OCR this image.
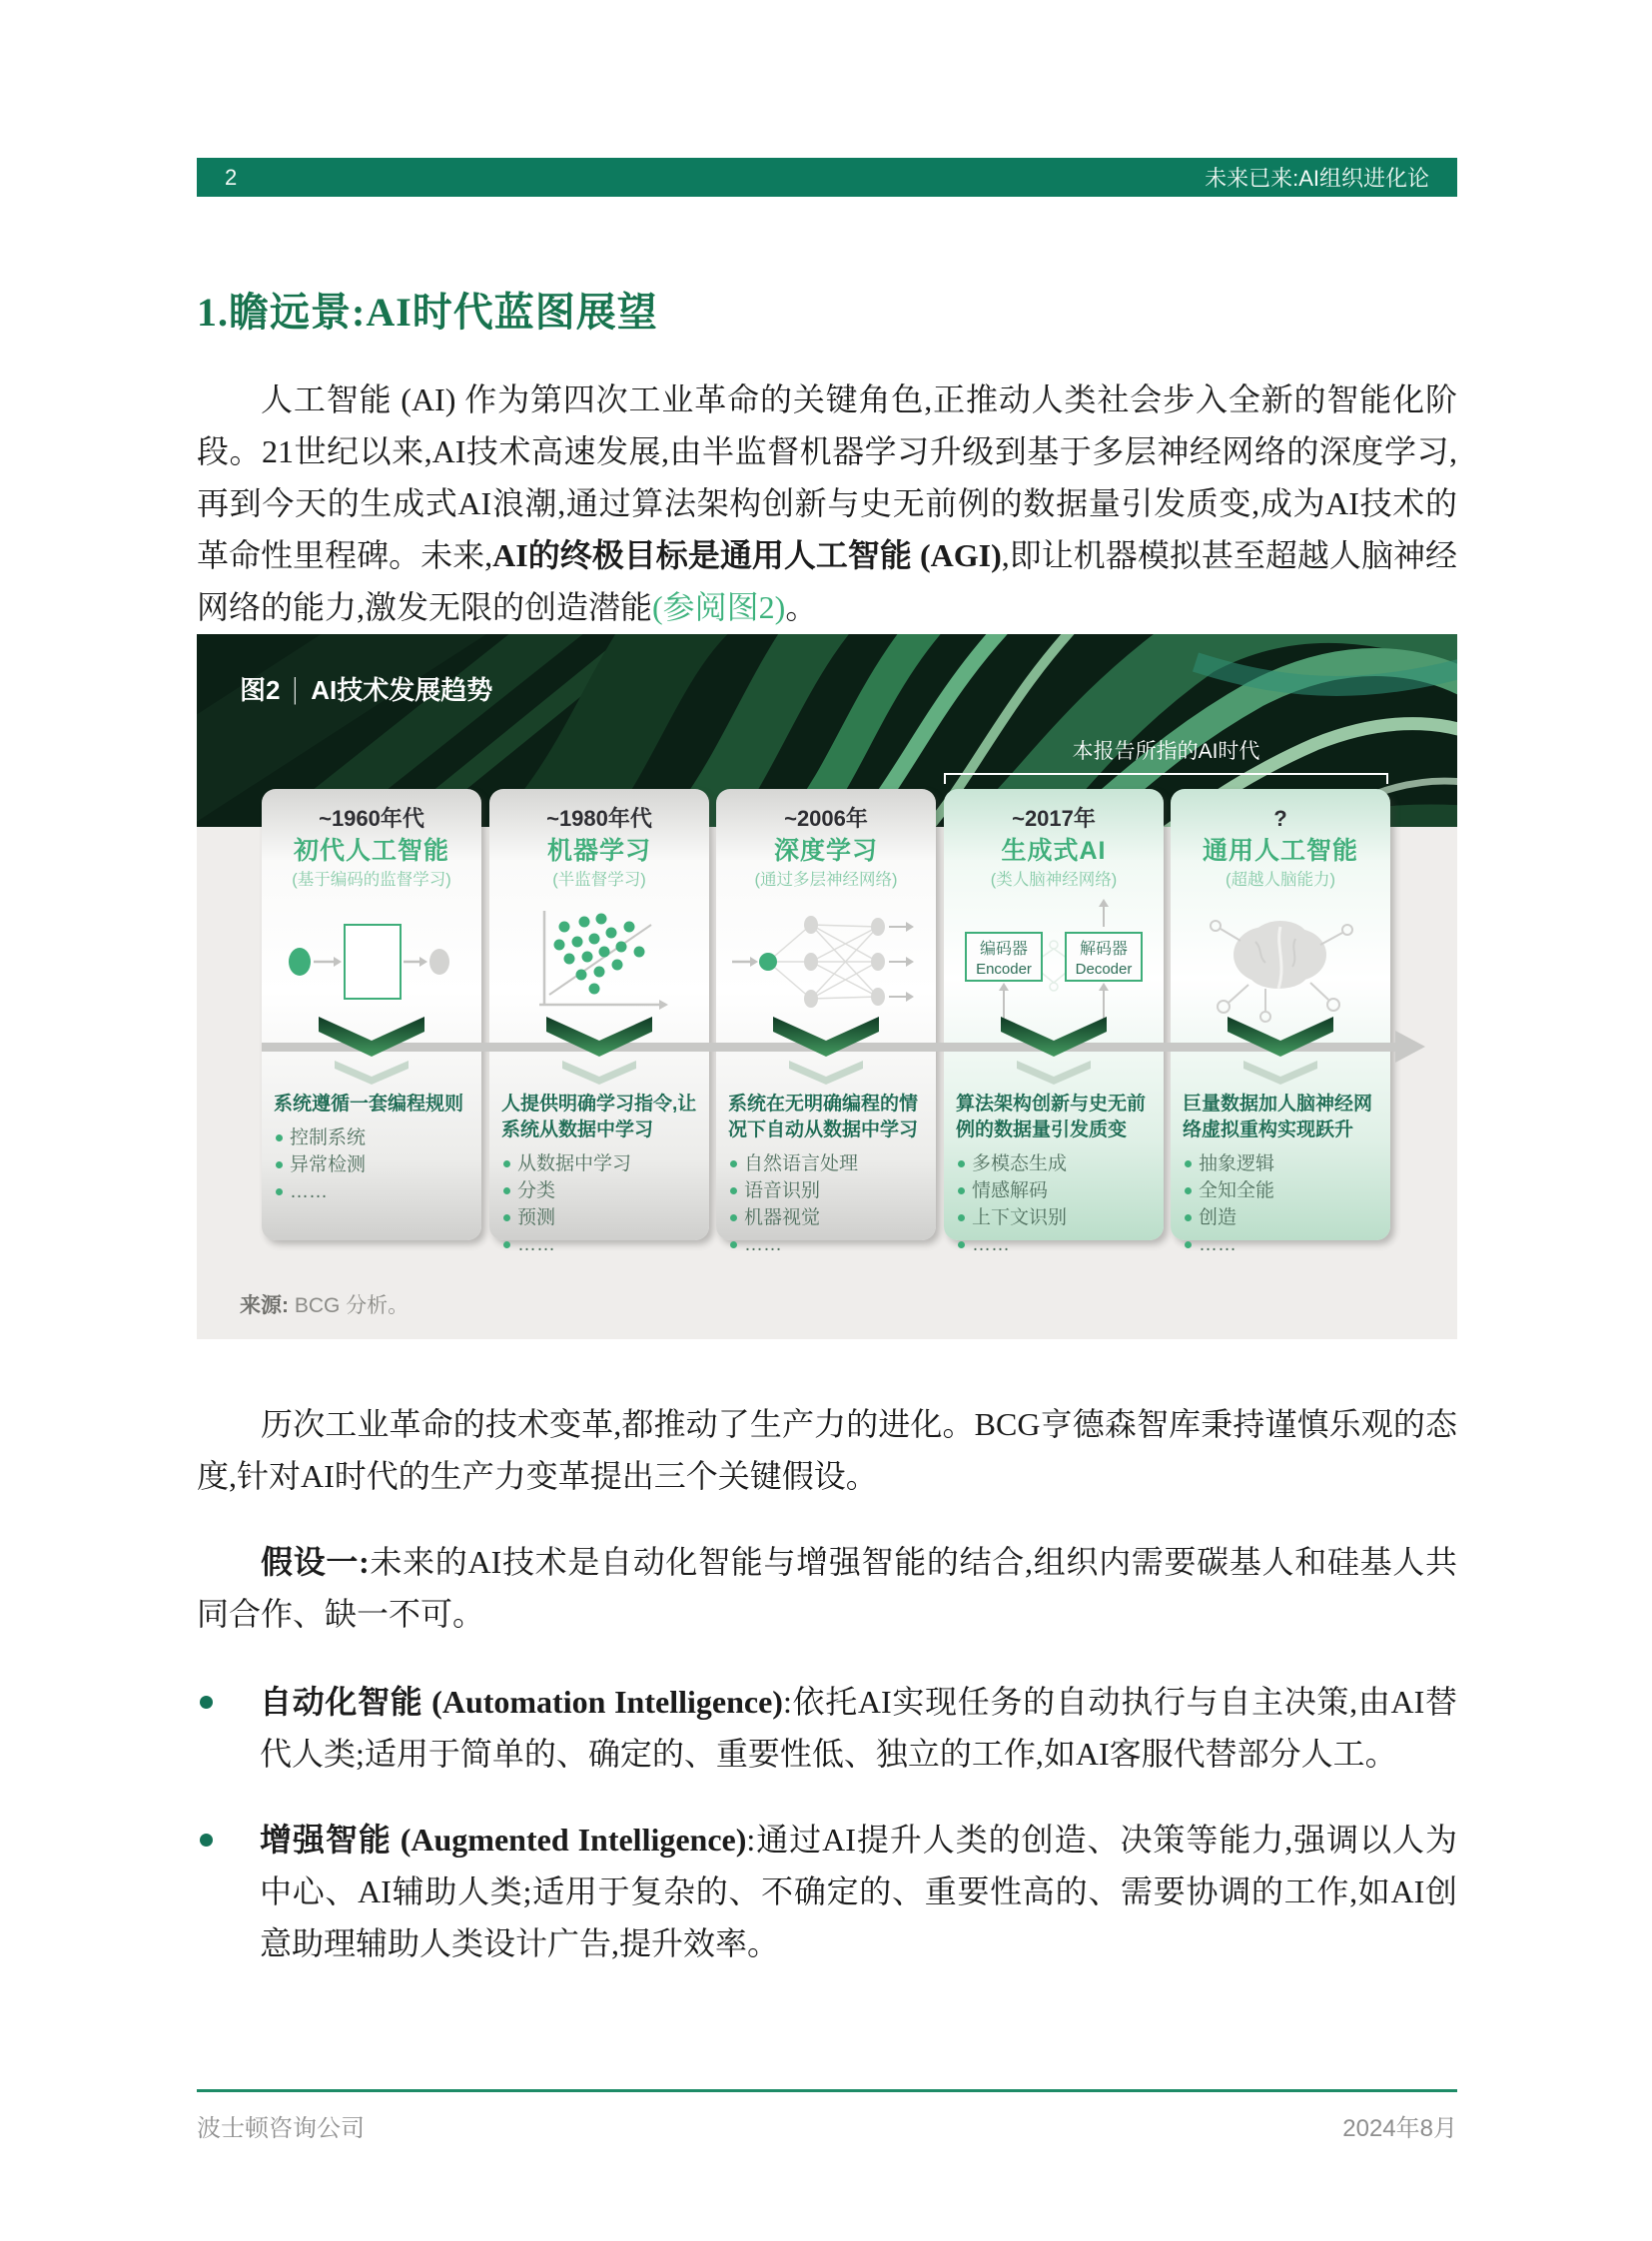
2	未来已来:AI组织进化论
1.瞻远景:AI时代蓝图展望

人工智能 (AI) 作为第四次工业革命的关键角色,正推动人类社会步入全新的智能化阶段。21世纪以来,AI技术高速发展,由半监督机器学习升级到基于多层神经网络的深度学习,再到今天的生成式AI浪潮,通过算法架构创新与史无前例的数据量引发质变,成为AI技术的革命性里程碑。未来,AI的终极目标是通用人工智能 (AGI),即让机器模拟甚至超越人脑神经网络的能力,激发无限的创造潜能(参阅图2)。

图2 | AI技术发展趋势
本报告所指的AI时代
~1960年代
初代人工智能
(基于编码的监督学习)
系统遵循一套编程规则
控制系统
异常检测
……
~1980年代
机器学习
(半监督学习)
人提供明确学习指令,让系统从数据中学习
从数据中学习
分类
预测
……
~2006年
深度学习
(通过多层神经网络)
系统在无明确编程的情况下自动从数据中学习
自然语言处理
语音识别
机器视觉
……
~2017年
生成式AI
(类人脑神经网络)
编码器
Encoder
解码器
Decoder
算法架构创新与史无前例的数据量引发质变
多模态生成
情感解码
上下文识别
……
?
通用人工智能
(超越人脑能力)
巨量数据加人脑神经网络虚拟重构实现跃升
抽象逻辑
全知全能
创造
……
来源: BCG 分析。

历次工业革命的技术变革,都推动了生产力的进化。BCG亨德森智库秉持谨慎乐观的态度,针对AI时代的生产力变革提出三个关键假设。

假设一:未来的AI技术是自动化智能与增强智能的结合,组织内需要碳基人和硅基人共同合作、缺一不可。

自动化智能 (Automation Intelligence):依托AI实现任务的自动执行与自主决策,由AI替代人类;适用于简单的、确定的、重要性低、独立的工作,如AI客服代替部分人工。
增强智能 (Augmented Intelligence):通过AI提升人类的创造、决策等能力,强调以人为中心、AI辅助人类;适用于复杂的、不确定的、重要性高的、需要协调的工作,如AI创意助理辅助人类设计广告,提升效率。
波士顿咨询公司	2024年8月
